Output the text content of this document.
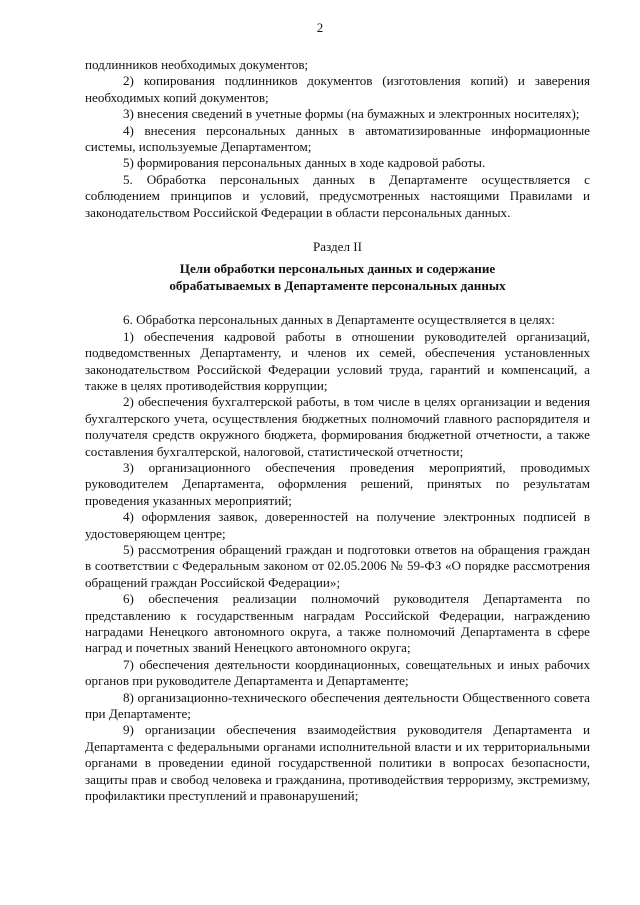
2

подлинников необходимых документов;

2) копирования подлинников документов (изготовления копий) и заверения необходимых копий документов;

3) внесения сведений в учетные формы (на бумажных и электронных носителях);

4) внесения персональных данных в автоматизированные информационные системы, используемые Департаментом;

5) формирования персональных данных в ходе кадровой работы.

5. Обработка персональных данных в Департаменте осуществляется с соблюдением принципов и условий, предусмотренных настоящими Правилами и законодательством Российской Федерации в области персональных данных.

Раздел II

Цели обработки персональных данных и содержание

обрабатываемых в Департаменте персональных данных

6. Обработка персональных данных в Департаменте осуществляется в целях:

1) обеспечения кадровой работы в отношении руководителей организаций, подведомственных Департаменту, и членов их семей, обеспечения установленных законодательством Российской Федерации условий труда, гарантий и компенсаций, а также в целях противодействия коррупции;

2) обеспечения бухгалтерской работы, в том числе в целях организации и ведения бухгалтерского учета, осуществления бюджетных полномочий главного распорядителя и получателя средств окружного бюджета, формирования бюджетной отчетности, а также составления бухгалтерской, налоговой, статистической отчетности;

3) организационного обеспечения проведения мероприятий, проводимых руководителем Департамента, оформления решений, принятых по результатам проведения указанных мероприятий;

4) оформления заявок, доверенностей на получение электронных подписей в удостоверяющем центре;

5) рассмотрения обращений граждан и подготовки ответов на обращения граждан в соответствии с Федеральным законом от 02.05.2006 № 59-ФЗ «О порядке рассмотрения обращений граждан Российской Федерации»;

6) обеспечения реализации полномочий руководителя Департамента по представлению к государственным наградам Российской Федерации, награждению наградами Ненецкого автономного округа, а также полномочий Департамента в сфере наград и почетных званий Ненецкого автономного округа;

7) обеспечения деятельности координационных, совещательных и иных рабочих органов при руководителе Департамента и Департаменте;

8) организационно-технического обеспечения деятельности Общественного совета при Департаменте;

9) организации обеспечения взаимодействия руководителя Департамента и Департамента с федеральными органами исполнительной власти и их территориальными органами в проведении единой государственной политики в вопросах безопасности, защиты прав и свобод человека и гражданина, противодействия терроризму, экстремизму, профилактики преступлений и правонарушений;
